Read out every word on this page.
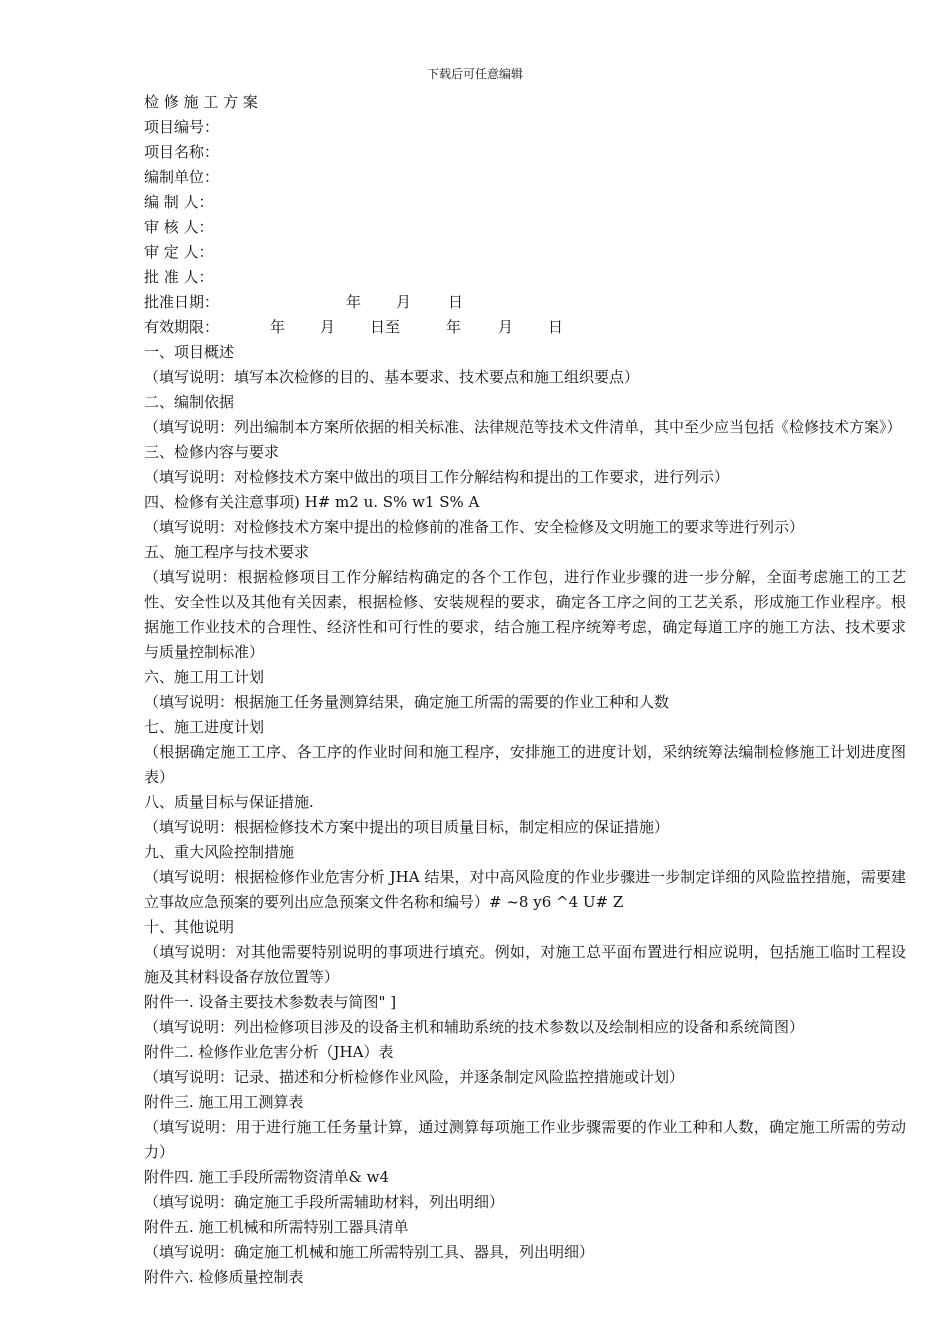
下载后可任意编辑
检 修 施 工 方 案
项目编号：
项目名称：
编制单位：
编 制 人：
审 核 人：
审 定 人：
批 准 人：
批准日期：	年 月 日
有效期限：	年 月 日至	年 月 日
一、项目概述
（填写说明：填写本次检修的目的、基本要求、技术要点和施工组织要点）
二、编制依据
（填写说明：列出编制本方案所依据的相关标准、法律规范等技术文件清单，其中至少应当包括《检修技术方案》）
三、检修内容与要求
（填写说明：对检修技术方案中做出的项目工作分解结构和提出的工作要求，进行列示）
四、检修有关注意事项) H# m2 u. S% w1 S% A
（填写说明：对检修技术方案中提出的检修前的准备工作、安全检修及文明施工的要求等进行列示）
五、施工程序与技术要求
（填写说明：根据检修项目工作分解结构确定的各个工作包，进行作业步骤的进一步分解，全面考虑施工的工艺性、安全性以及其他有关因素，根据检修、安装规程的要求，确定各工序之间的工艺关系，形成施工作业程序。根据施工作业技术的合理性、经济性和可行性的要求，结合施工程序统筹考虑，确定每道工序的施工方法、技术要求与质量控制标准）
六、施工用工计划
（填写说明：根据施工任务量测算结果，确定施工所需的需要的作业工种和人数
七、施工进度计划
（根据确定施工工序、各工序的作业时间和施工程序，安排施工的进度计划，采纳统筹法编制检修施工计划进度图表）
八、质量目标与保证措施.
（填写说明：根据检修技术方案中提出的项目质量目标，制定相应的保证措施）
九、重大风险控制措施
（填写说明：根据检修作业危害分析 JHA 结果，对中高风险度的作业步骤进一步制定详细的风险监控措施，需要建立事故应急预案的要列出应急预案文件名称和编号）# ~8 y6 ^4 U# Z
十、其他说明
（填写说明：对其他需要特别说明的事项进行填充。例如，对施工总平面布置进行相应说明，包括施工临时工程设施及其材料设备存放位置等）
附件一. 设备主要技术参数表与简图" ]
（填写说明：列出检修项目涉及的设备主机和辅助系统的技术参数以及绘制相应的设备和系统简图）
附件二. 检修作业危害分析（JHA）表
（填写说明：记录、描述和分析检修作业风险，并逐条制定风险监控措施或计划）
附件三. 施工用工测算表
（填写说明：用于进行施工任务量计算，通过测算每项施工作业步骤需要的作业工种和人数，确定施工所需的劳动力）
附件四. 施工手段所需物资清单& w4
（填写说明：确定施工手段所需辅助材料，列出明细）
附件五. 施工机械和所需特别工器具清单
（填写说明：确定施工机械和施工所需特别工具、器具，列出明细）
附件六. 检修质量控制表
